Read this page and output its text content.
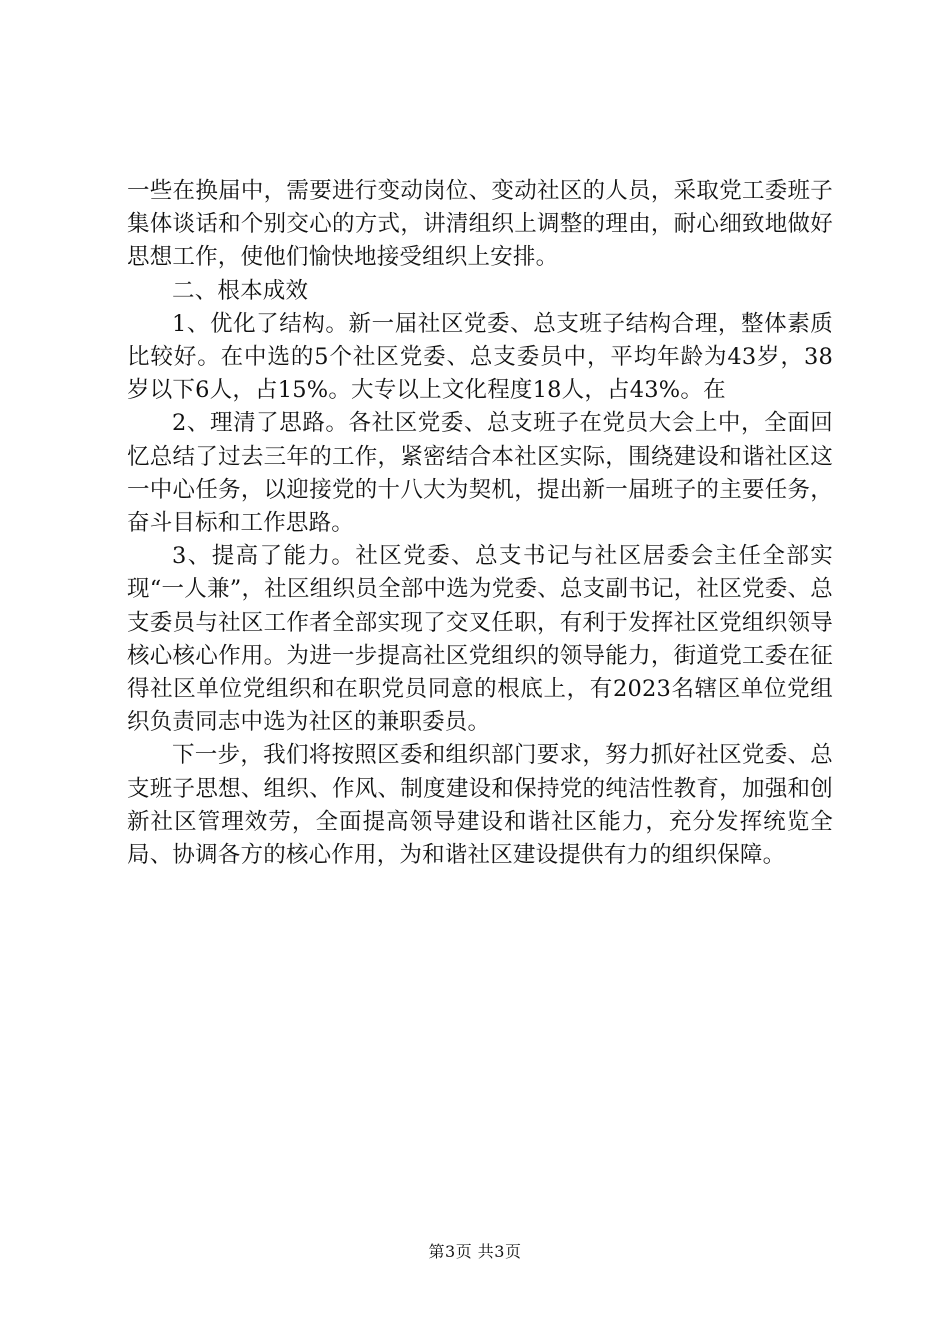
一些在换届中，需要进行变动岗位、变动社区的人员，采取党工委班子集体谈话和个别交心的方式，讲清组织上调整的理由，耐心细致地做好思想工作，使他们愉快地接受组织上安排。

二、根本成效

1、优化了结构。新一届社区党委、总支班子结构合理，整体素质比较好。在中选的5个社区党委、总支委员中，平均年龄为43岁，38岁以下6人，占15%。大专以上文化程度18人，占43%。在

2、理清了思路。各社区党委、总支班子在党员大会上中，全面回忆总结了过去三年的工作，紧密结合本社区实际，围绕建设和谐社区这一中心任务，以迎接党的十八大为契机，提出新一届班子的主要任务，奋斗目标和工作思路。

3、提高了能力。社区党委、总支书记与社区居委会主任全部实现“一人兼”，社区组织员全部中选为党委、总支副书记，社区党委、总支委员与社区工作者全部实现了交叉任职，有利于发挥社区党组织领导核心核心作用。为进一步提高社区党组织的领导能力，街道党工委在征得社区单位党组织和在职党员同意的根底上，有2023名辖区单位党组织负责同志中选为社区的兼职委员。

下一步，我们将按照区委和组织部门要求，努力抓好社区党委、总支班子思想、组织、作风、制度建设和保持党的纯洁性教育，加强和创新社区管理效劳，全面提高领导建设和谐社区能力，充分发挥统览全局、协调各方的核心作用，为和谐社区建设提供有力的组织保障。

第3页 共3页
